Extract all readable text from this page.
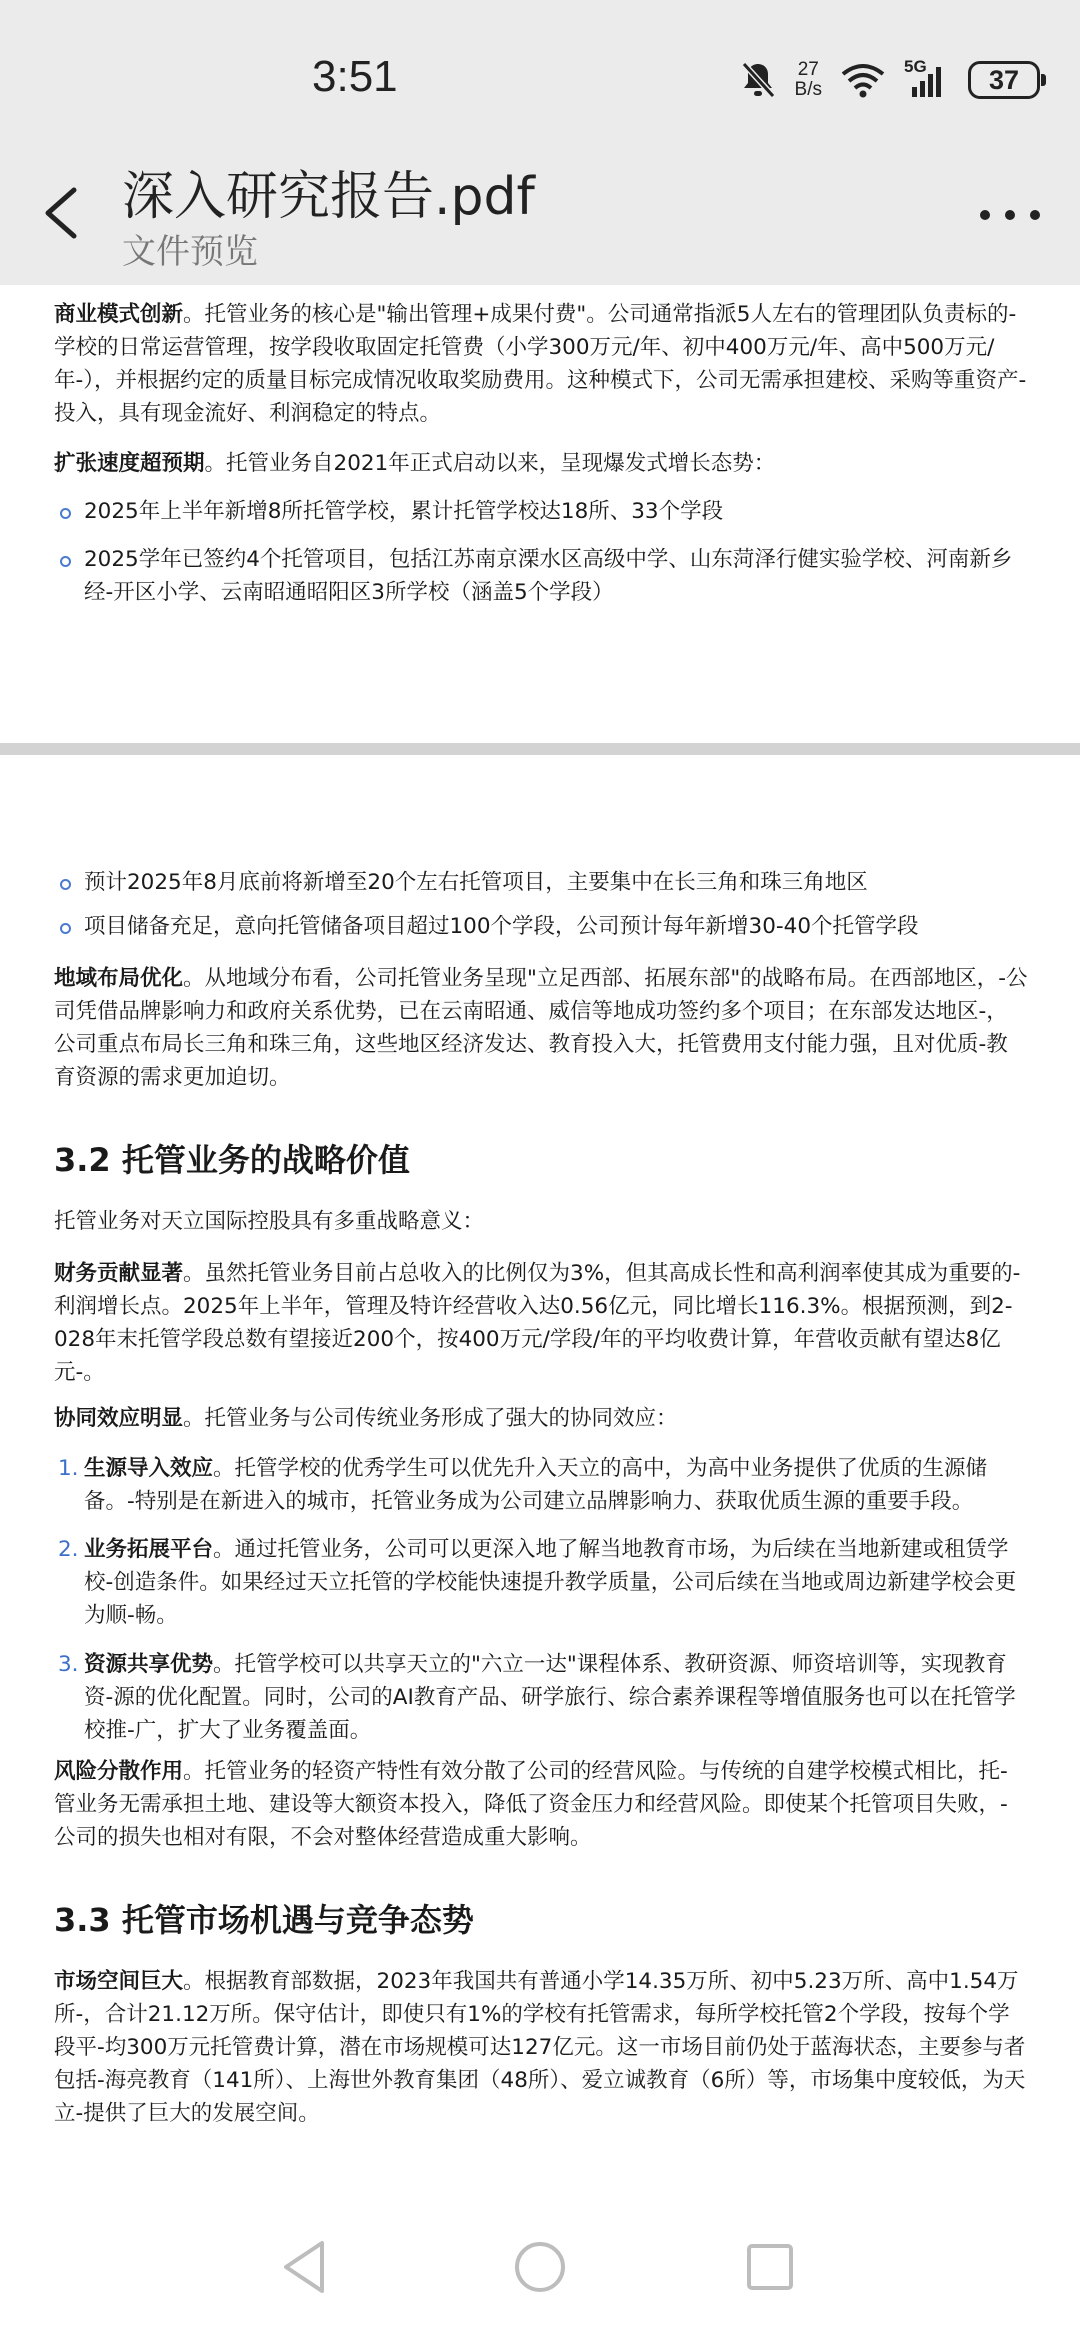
3:51	27
B/s
5G 37
深入研究报告.pdf
文件预览

商业模式创新。托管业务的核心是"输出管理+成果付费"。公司通常指派5人左右的管理团队负责标的-学校的日常运营管理，按学段收取固定托管费（小学300万元/年、初中400万元/年、高中500万元/年-），并根据约定的质量目标完成情况收取奖励费用。这种模式下，公司无需承担建校、采购等重资产-投入，具有现金流好、利润稳定的特点。

扩张速度超预期。托管业务自2021年正式启动以来，呈现爆发式增长态势：

2025年上半年新增8所托管学校，累计托管学校达18所、33个学段

2025学年已签约4个托管项目，包括江苏南京溧水区高级中学、山东菏泽行健实验学校、河南新乡经-开区小学、云南昭通昭阳区3所学校（涵盖5个学段）

预计2025年8月底前将新增至20个左右托管项目，主要集中在长三角和珠三角地区

项目储备充足，意向托管储备项目超过100个学段，公司预计每年新增30-40个托管学段

地域布局优化。从地域分布看，公司托管业务呈现"立足西部、拓展东部"的战略布局。在西部地区，-公司凭借品牌影响力和政府关系优势，已在云南昭通、威信等地成功签约多个项目；在东部发达地区-，公司重点布局长三角和珠三角，这些地区经济发达、教育投入大，托管费用支付能力强，且对优质-教育资源的需求更加迫切。

3.2 托管业务的战略价值

托管业务对天立国际控股具有多重战略意义：

财务贡献显著。虽然托管业务目前占总收入的比例仅为3%，但其高成长性和高利润率使其成为重要的-利润增长点。2025年上半年，管理及特许经营收入达0.56亿元，同比增长116.3%。根据预测，到2-028年末托管学段总数有望接近200个，按400万元/学段/年的平均收费计算，年营收贡献有望达8亿元-。

协同效应明显。托管业务与公司传统业务形成了强大的协同效应：

1. 生源导入效应。托管学校的优秀学生可以优先升入天立的高中，为高中业务提供了优质的生源储备。-特别是在新进入的城市，托管业务成为公司建立品牌影响力、获取优质生源的重要手段。

2. 业务拓展平台。通过托管业务，公司可以更深入地了解当地教育市场，为后续在当地新建或租赁学校-创造条件。如果经过天立托管的学校能快速提升教学质量，公司后续在当地或周边新建学校会更为顺-畅。

3. 资源共享优势。托管学校可以共享天立的"六立一达"课程体系、教研资源、师资培训等，实现教育资-源的优化配置。同时，公司的AI教育产品、研学旅行、综合素养课程等增值服务也可以在托管学校推-广，扩大了业务覆盖面。

风险分散作用。托管业务的轻资产特性有效分散了公司的经营风险。与传统的自建学校模式相比，托-管业务无需承担土地、建设等大额资本投入，降低了资金压力和经营风险。即使某个托管项目失败，-公司的损失也相对有限，不会对整体经营造成重大影响。

3.3 托管市场机遇与竞争态势

市场空间巨大。根据教育部数据，2023年我国共有普通小学14.35万所、初中5.23万所、高中1.54万所-，合计21.12万所。保守估计，即使只有1%的学校有托管需求，每所学校托管2个学段，按每个学段平-均300万元托管费计算，潜在市场规模可达127亿元。这一市场目前仍处于蓝海状态，主要参与者包括-海亮教育（141所）、上海世外教育集团（48所）、爱立诚教育（6所）等，市场集中度较低，为天立-提供了巨大的发展空间。
